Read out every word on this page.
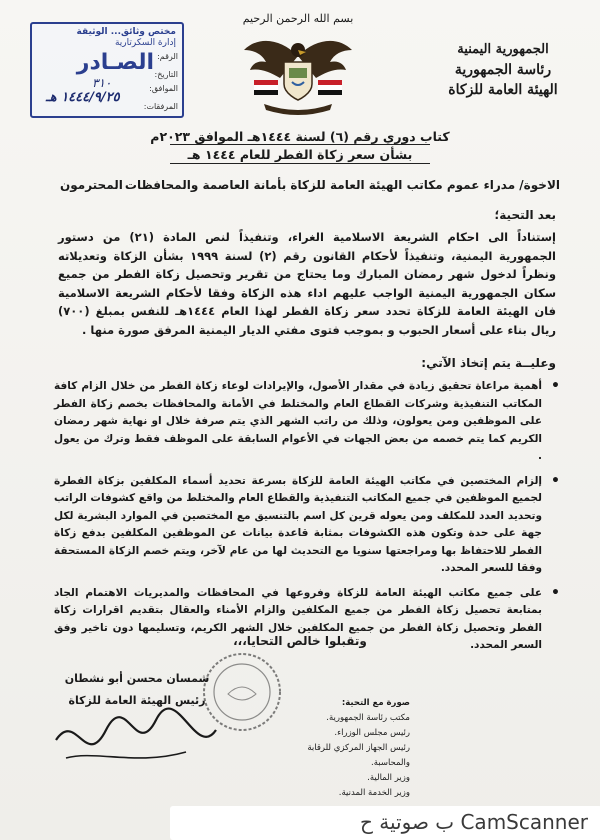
الجمهورية اليمنية
رئاسة الجمهورية
الهيئة العامة للزكاة
بسم الله الرحمن الرحيم
مختص وثائق... الوثيقة
إدارة السكرتارية
الصـادر الرقم:
التاريخ:
الموافق:
المرفقات:
٣١٠
١٤٤٤/٩/٢٥ هـ
كتاب دوري رقم (٦) لسنة ١٤٤٤هـ الموافق ٢٠٢٣م
بشأن سعر زكاة الفطر للعام ١٤٤٤ هـ
الاخوة/ مدراء عموم مكاتب الهيئة العامة للزكاة بأمانة العاصمة والمحافظات
المحترمون
بعد التحية؛
إستناداً الى احكام الشريعة الاسلامية الغراء، وتنفيذاً لنص المادة (٢١) من دستور الجمهورية اليمنية، وتنفيذاً لأحكام القانون رقم (٢) لسنة ١٩٩٩ بشأن الزكاة وتعديلاته ونظراً لدخول شهر رمضان المبارك وما يحتاج من تقرير وتحصيل زكاة الفطر من جميع سكان الجمهورية اليمنية الواجب عليهم اداء هذه الزكاة وفقا لأحكام الشريعة الاسلامية فان الهيئة العامة للزكاة تحدد سعر زكاة الفطر لهذا العام ١٤٤٤هـ للنفس بمبلغ (٧٠٠) ريال بناء على أسعار الحبوب و بموجب فتوى مفتي الديار اليمنية المرفق صورة منها .
وعليــة يتم إتخاذ الآتي:
•
أهمية مراعاة تحقيق زيادة في مقدار الأصول، والإيرادات لوعاء زكاة الفطر من خلال الزام كافة المكاتب التنفيذية وشركات القطاع العام والمختلط في الأمانة والمحافظات بخصم زكاة الفطر على الموظفين ومن يعولون، وذلك من راتب الشهر الذي يتم صرفة خلال او نهاية شهر رمضان الكريم كما يتم خصمه من بعض الجهات في الأعوام السابقة على الموظف فقط وترك من يعول .
•
إلزام المختصين في مكاتب الهيئة العامة للزكاة بسرعة تحديد أسماء المكلفين بزكاة الفطرة لجميع الموظفين في جميع المكاتب التنفيذية والقطاع العام والمختلط من واقع كشوفات الراتب وتحديد العدد للمكلف ومن يعوله قرين كل اسم بالتنسيق مع المختصين في الموارد البشرية لكل جهة على حدة وتكون هذه الكشوفات بمثابة قاعدة بيانات عن الموظفين المكلفين بدفع زكاة الفطر للاحتفاظ بها ومراجعتها سنويا مع التحديث لها من عام لآخر، ويتم خصم الزكاة المستحقة وفقا للسعر المحدد.
•
على جميع مكاتب الهيئة العامة للزكاة وفروعها في المحافظات والمديريات الاهتمام الجاد بمتابعة تحصيل زكاة الفطر من جميع المكلفين والزام الأمناء والعقال بتقديم اقرارات زكاة الفطر وتحصيل زكاة الفطر من جميع المكلفين خلال الشهر الكريم، وتسليمها دون تاخير وفق السعر المحدد.
وتقبلوا خالص التحايا،،،
شمسان محسن أبو نشطان
رئيس الهيئة العامة للزكاة	صورة مع التحية:
مكتب رئاسة الجمهورية.
رئيس مجلس الوزراء.
رئيس الجهاز المركزي للرقابة والمحاسبة.
وزير المالية.
وزير الخدمة المدنية.
CamScanner ب صوتية ح
